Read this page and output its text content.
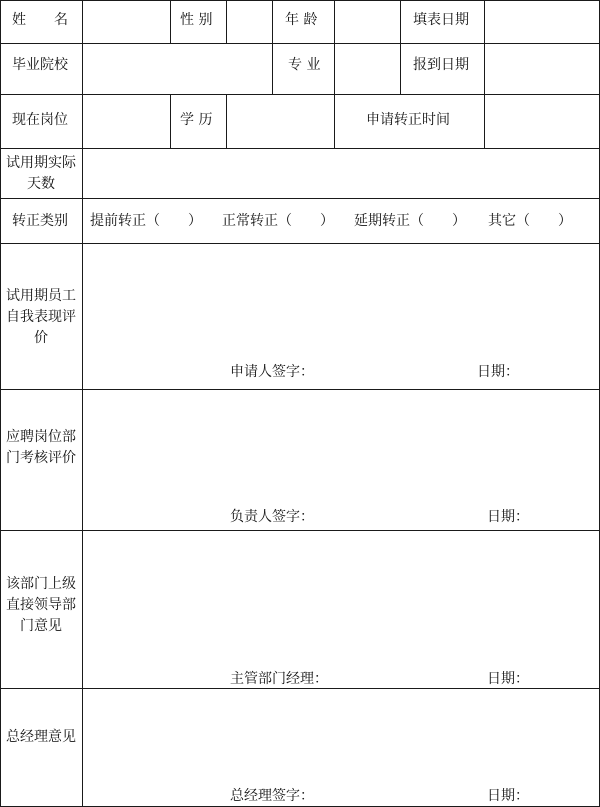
姓　　名	性 别	年 龄	填表日期
毕业院校	专 业	报到日期
现在岗位	学 历	申请转正时间
试用期实际天数
转正类别 提前转正（　　） 正常转正（　　） 延期转正（　　） 其它（　　）
试用期员工自我表现评价
申请人签字：	日期：
应聘岗位部门考核评价
负责人签字：	日期：
该部门上级直接领导部门意见
主管部门经理：	日期：
总经理意见
总经理签字：	日期：
